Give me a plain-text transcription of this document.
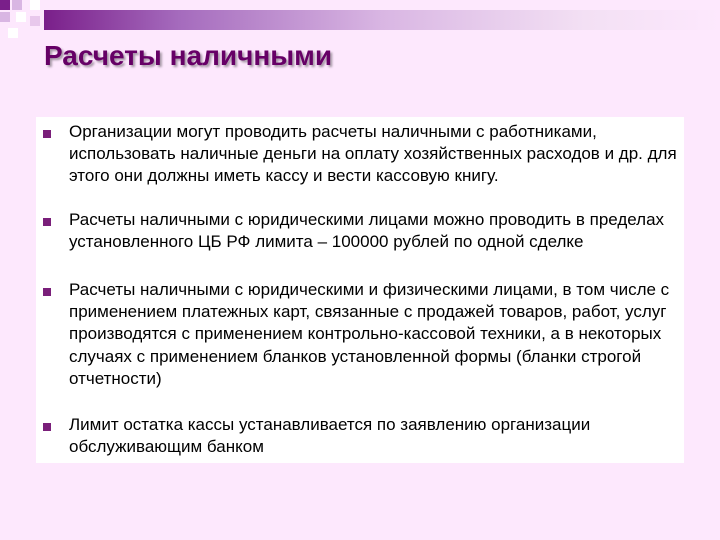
Расчеты наличными
Организации могут проводить расчеты наличными с работниками, использовать наличные деньги на оплату хозяйственных расходов и др. для этого они должны иметь кассу и вести кассовую книгу.
Расчеты наличными с юридическими лицами можно проводить в пределах установленного ЦБ РФ лимита – 100000 рублей по одной сделке
Расчеты наличными с юридическими и физическими лицами, в том числе с применением платежных карт, связанные с продажей товаров, работ, услуг производятся с применением контрольно-кассовой техники, а в некоторых случаях с применением бланков установленной формы (бланки строгой отчетности)
Лимит остатка кассы устанавливается по заявлению организации обслуживающим банком
